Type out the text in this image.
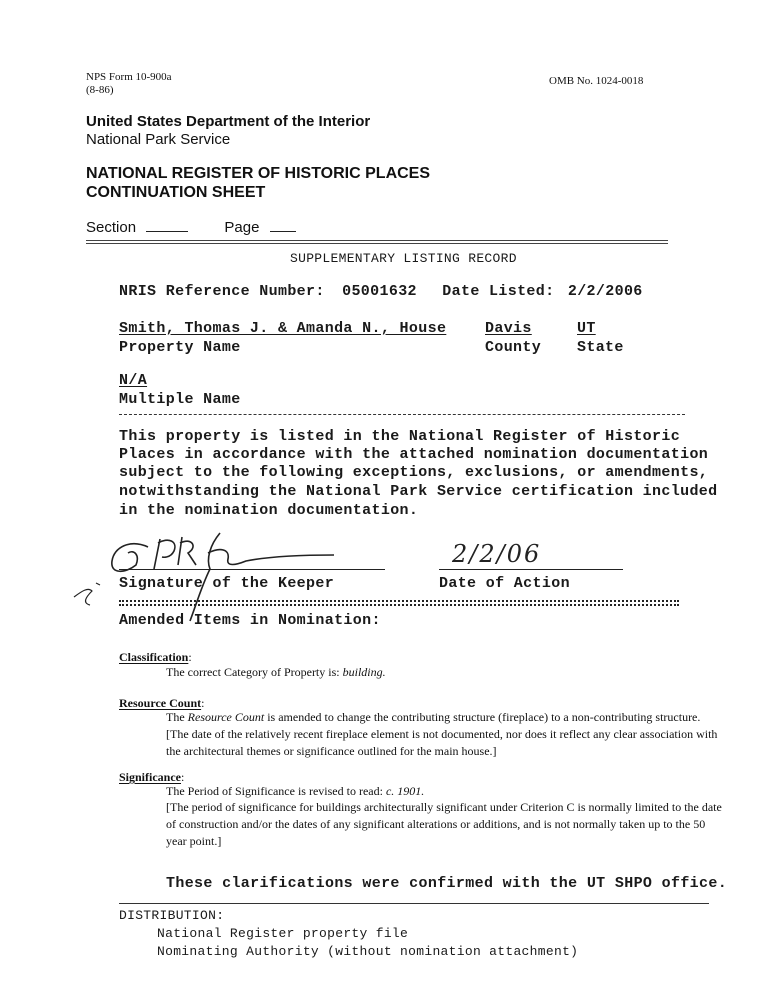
NPS Form 10-900a
(8-86)
OMB No. 1024-0018
United States Department of the Interior
National Park Service
NATIONAL REGISTER OF HISTORIC PLACES
CONTINUATION SHEET
Section	Page
SUPPLEMENTARY LISTING RECORD
NRIS Reference Number: 05001632 Date Listed: 2/2/2006
Smith, Thomas J. & Amanda N., House	Davis	UT
Property Name	County State
N/A
Multiple Name
This property is listed in the National Register of Historic
Places in accordance with the attached nomination documentation
subject to the following exceptions, exclusions, or amendments,
notwithstanding the National Park Service certification included
in the nomination documentation.
2/2/06
Signature of the Keeper	Date of Action
Amended Items in Nomination:
Classification:
The correct Category of Property is: building.
Resource Count:
The Resource Count is amended to change the contributing structure (fireplace) to a non-contributing structure. [The date of the relatively recent fireplace element is not documented, nor does it reflect any clear association with the architectural themes or significance outlined for the main house.]
Significance:
The Period of Significance is revised to read: c. 1901.
[The period of significance for buildings architecturally significant under Criterion C is normally limited to the date of construction and/or the dates of any significant alterations or additions, and is not normally taken up to the 50 year point.]
These clarifications were confirmed with the UT SHPO office.
DISTRIBUTION:
National Register property file
Nominating Authority (without nomination attachment)
